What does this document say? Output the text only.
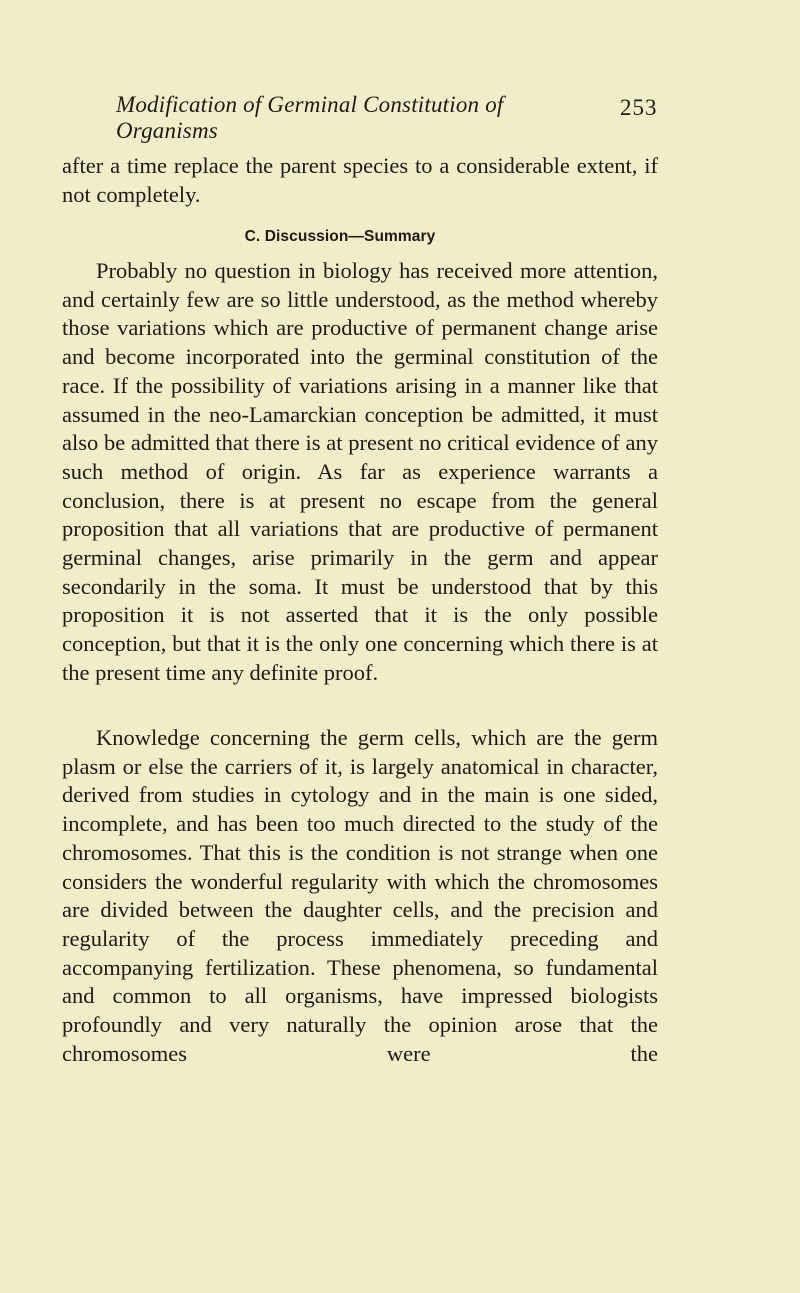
Modification of Germinal Constitution of Organisms
253

after a time replace the parent species to a considerable extent, if not completely.

C. Discussion—Summary

Probably no question in biology has received more attention, and certainly few are so little understood, as the method whereby those variations which are productive of permanent change arise and become incorporated into the germinal constitution of the race. If the possibility of variations arising in a manner like that assumed in the neo-Lamarckian conception be admitted, it must also be admitted that there is at present no critical evidence of any such method of origin. As far as experience warrants a conclusion, there is at present no escape from the general proposition that all variations that are productive of permanent germinal changes, arise primarily in the germ and appear secondarily in the soma. It must be understood that by this proposition it is not asserted that it is the only possible conception, but that it is the only one concerning which there is at the present time any definite proof.

Knowledge concerning the germ cells, which are the germ plasm or else the carriers of it, is largely anatomical in character, derived from studies in cytology and in the main is one sided, incomplete, and has been too much directed to the study of the chromosomes. That this is the condition is not strange when one considers the wonderful regularity with which the chromosomes are divided between the daughter cells, and the precision and regularity of the process immediately preceding and accompanying fertilization. These phenomena, so fundamental and common to all organisms, have impressed biologists profoundly and very naturally the opinion arose that the chromosomes were the
